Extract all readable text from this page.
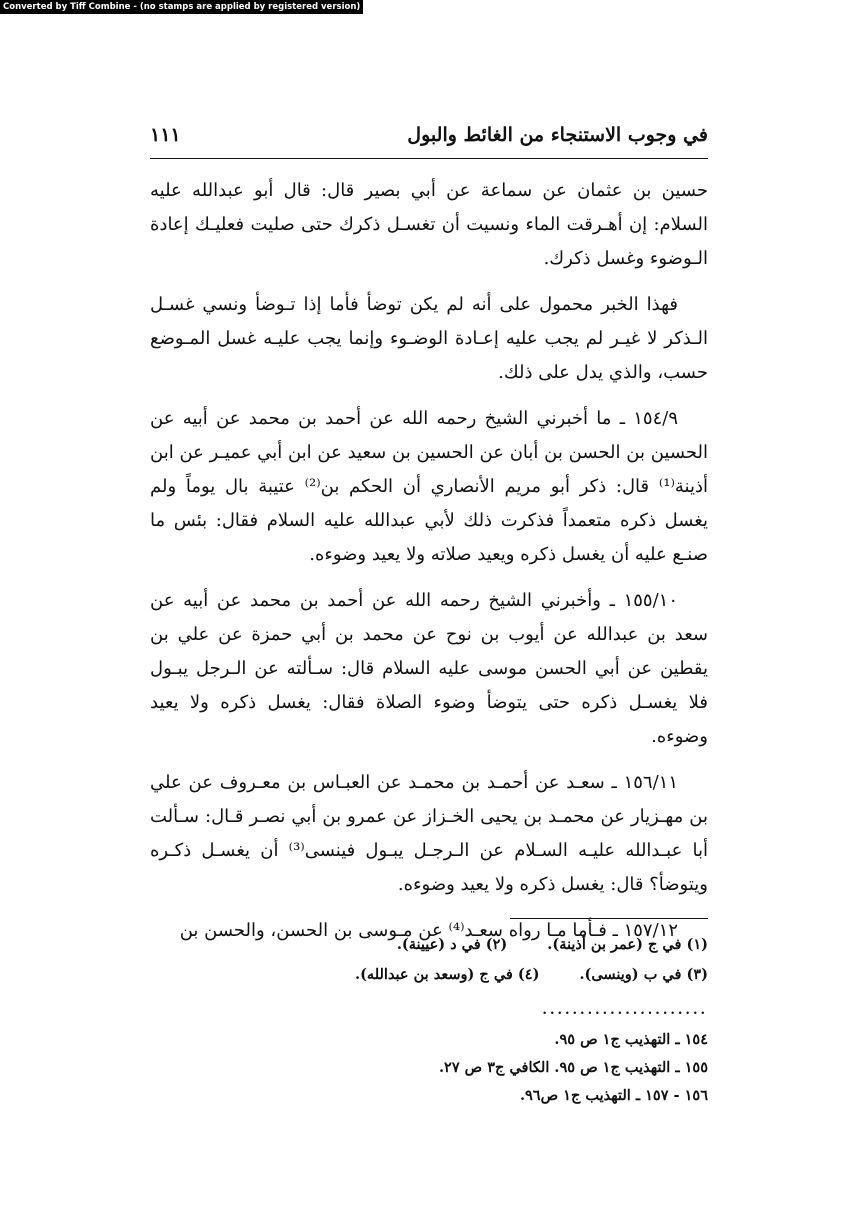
Converted by Tiff Combine - (no stamps are applied by registered version)
في وجوب الاستنجاء من الغائط والبول
١١١

حسين بن عثمان عن سماعة عن أبي بصير قال: قال أبو عبدالله عليه السلام: إن أهـرقت الماء ونسيت أن تغسـل ذكرك حتى صليت فعليـك إعادة الـوضوء وغسل ذكرك.

فهذا الخبر محمول على أنه لم يكن توضأ فأما إذا تـوضأ ونسي غسـل الـذكر لا غيـر لم يجب عليه إعـادة الوضـوء وإنما يجب عليـه غسل المـوضع حسب، والذي يدل على ذلك.

١٥٤/٩ ـ ما أخبرني الشيخ رحمه الله عن أحمد بن محمد عن أبيه عن الحسين بن الحسن بن أبان عن الحسين بن سعيد عن ابن أبي عميـر عن ابن أذينة⁽¹⁾ قال: ذكر أبو مريم الأنصاري أن الحكم بن⁽²⁾ عتيبة بال يوماً ولم يغسل ذكره متعمداً فذكرت ذلك لأبي عبدالله عليه السلام فقال: بئس ما صنـع عليه أن يغسل ذكره ويعيد صلاته ولا يعيد وضوءه.

١٥٥/١٠ ـ وأخبرني الشيخ رحمه الله عن أحمد بن محمد عن أبيه عن سعد بن عبدالله عن أيوب بن نوح عن محمد بن أبي حمزة عن علي بن يقطين عن أبي الحسن موسى عليه السلام قال: سـألته عن الـرجل يبـول فلا يغسـل ذكره حتى يتوضأ وضوء الصلاة فقال: يغسل ذكره ولا يعيد وضوءه.

١٥٦/١١ ـ سعـد عن أحمـد بن محمـد عن العبـاس بن معـروف عن علي بن مهـزيار عن محمـد بن يحيى الخـزاز عن عمرو بن أبي نصـر قـال: سـألت أبا عبـدالله عليـه السـلام عن الـرجـل يبـول فينسى⁽³⁾ أن يغسـل ذكـره ويتوضأ؟ قال: يغسل ذكره ولا يعيد وضوءه.

١٥٧/١٢ ـ فـأما مـا رواه سعـد⁽⁴⁾ عن مـوسى بن الحسن، والحسن بن

(١) في ج (عمر بن أذينة).
(٢) في د (عيينة).
(٣) في ب (وينسى).
(٤) في ج (وسعد بن عبدالله).
......................
١٥٤ ـ التهذيب ج١ ص ٩٥.
١٥٥ ـ التهذيب ج١ ص ٩٥. الكافي ج٣ ص ٢٧.
١٥٦ - ١٥٧ ـ التهذيب ج١ ص٩٦.
